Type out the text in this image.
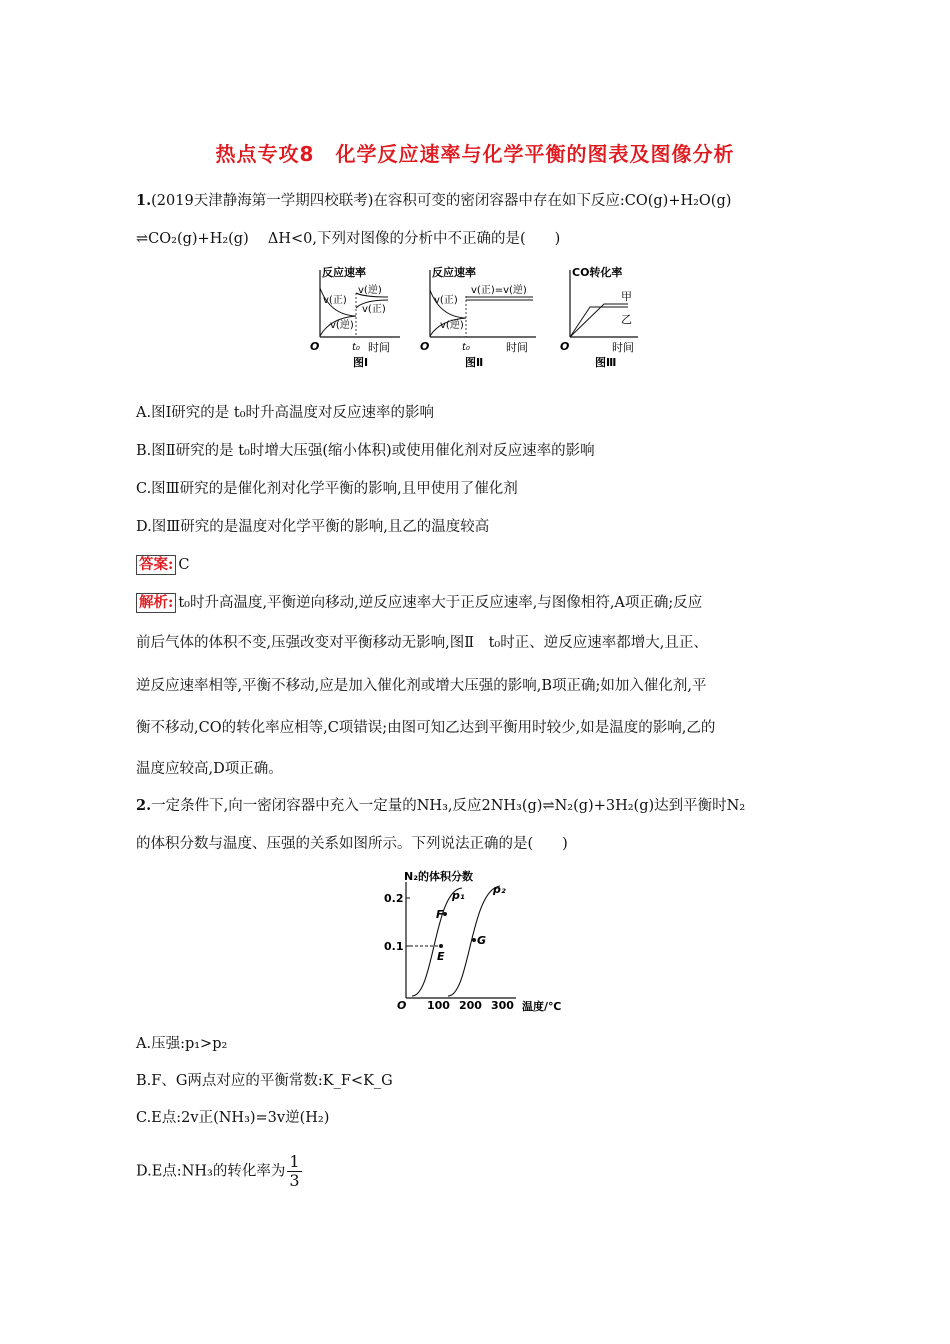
热点专攻8　化学反应速率与化学平衡的图表及图像分析
1.(2019天津静海第一学期四校联考)在容积可变的密闭容器中存在如下反应:CO(g)+H₂O(g)
⇌CO₂(g)+H₂(g)　 ΔH<0,下列对图像的分析中不正确的是(　　)
反应速率
v(正)
v(逆)
v(逆)
v(正)
O	t₀ 时间
图Ⅰ
反应速率
v(正)
v(逆)
v(正)=v(逆)
O	t₀	时间
图Ⅱ
CO转化率
甲
乙
O	时间
图Ⅲ
A.图Ⅰ研究的是 t₀时升高温度对反应速率的影响
B.图Ⅱ研究的是 t₀时增大压强(缩小体积)或使用催化剂对反应速率的影响
C.图Ⅲ研究的是催化剂对化学平衡的影响,且甲使用了催化剂
D.图Ⅲ研究的是温度对化学平衡的影响,且乙的温度较高
答案: C
解析: t₀时升高温度,平衡逆向移动,逆反应速率大于正反应速率,与图像相符,A项正确;反应
前后气体的体积不变,压强改变对平衡移动无影响,图Ⅱ　t₀时正、逆反应速率都增大,且正、
逆反应速率相等,平衡不移动,应是加入催化剂或增大压强的影响,B项正确;如加入催化剂,平
衡不移动,CO的转化率应相等,C项错误;由图可知乙达到平衡用时较少,如是温度的影响,乙的
温度应较高,D项正确。
2.一定条件下,向一密闭容器中充入一定量的NH₃,反应2NH₃(g)⇌N₂(g)+3H₂(g)达到平衡时N₂
的体积分数与温度、压强的关系如图所示。下列说法正确的是(　　)
N₂的体积分数
0.2
0.1
F
E
G
p₁	p₂
O 100 200 300 温度/℃
A.压强:p₁>p₂
B.F、G两点对应的平衡常数:K_F<K_G
C.E点:2v正(NH₃)=3v逆(H₂)
D.E点:NH₃的转化率为 $\frac{1}{3}$
